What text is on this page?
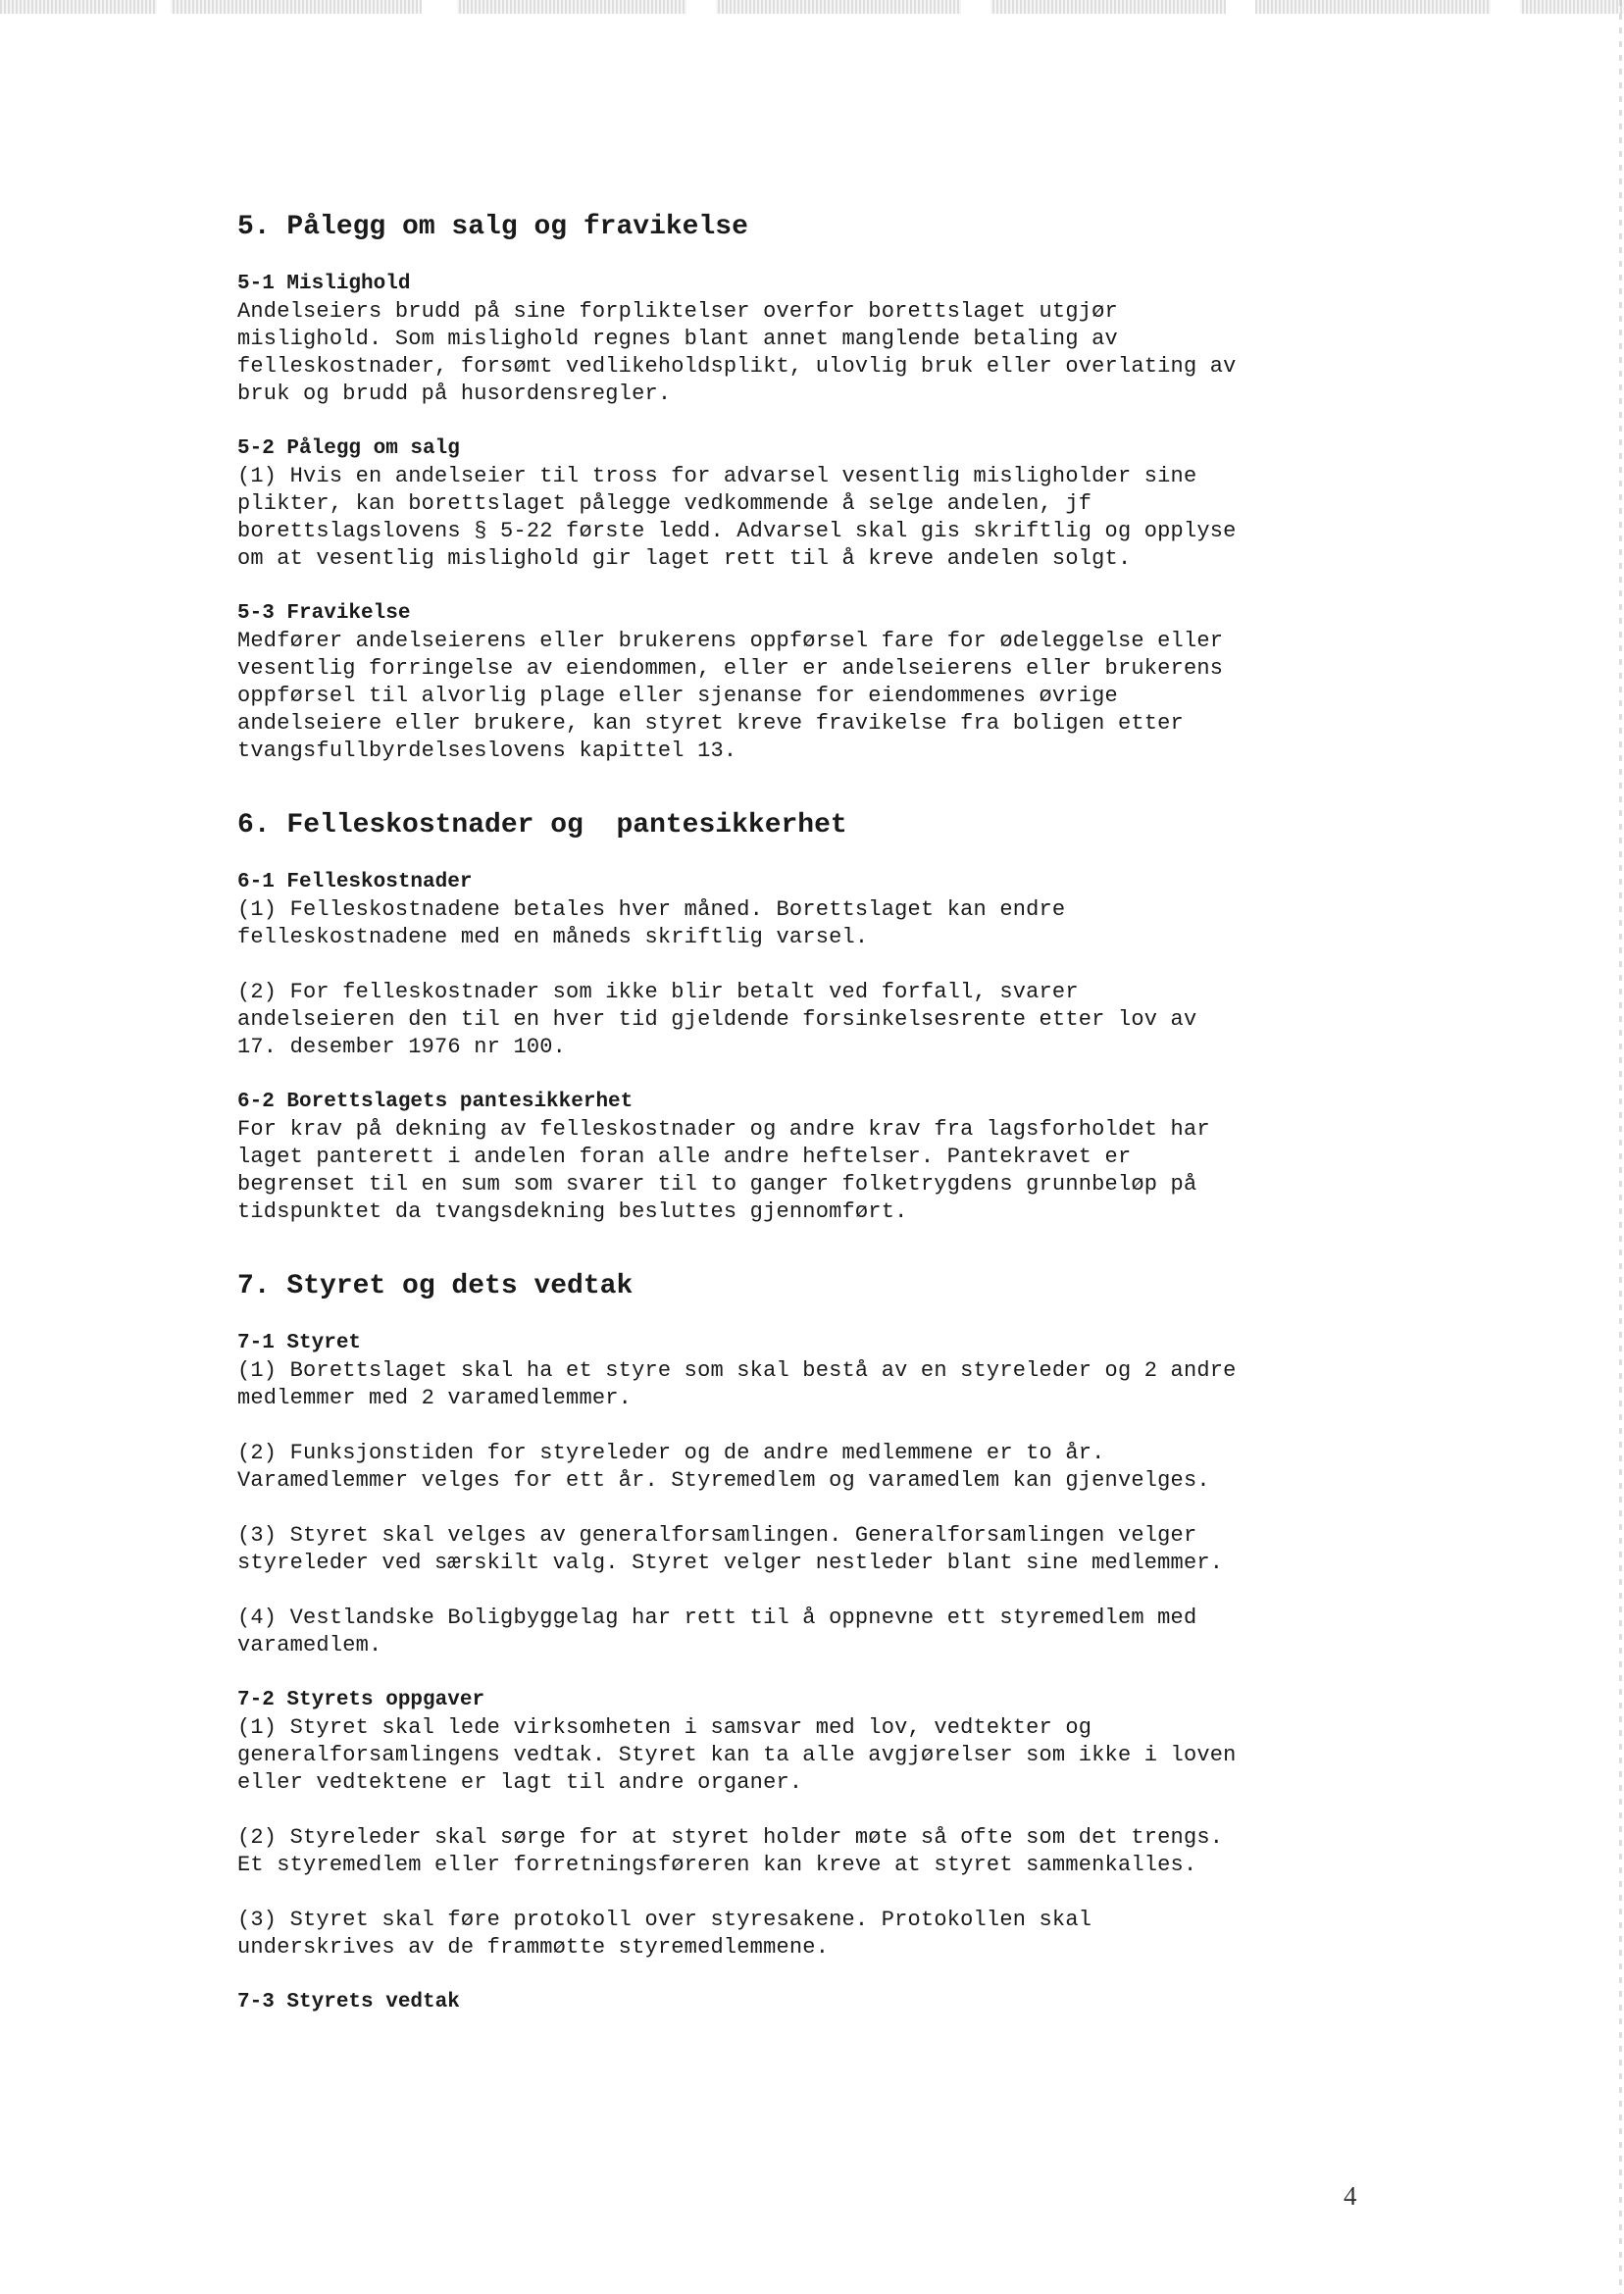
5. Pålegg om salg og fravikelse
5-1 Mislighold
Andelseiers brudd på sine forpliktelser overfor borettslaget utgjør
mislighold. Som mislighold regnes blant annet manglende betaling av
felleskostnader, forsømt vedlikeholdsplikt, ulovlig bruk eller overlating av
bruk og brudd på husordensregler.
5-2 Pålegg om salg
(1) Hvis en andelseier til tross for advarsel vesentlig misligholder sine
plikter, kan borettslaget pålegge vedkommende å selge andelen, jf
borettslagslovens § 5-22 første ledd. Advarsel skal gis skriftlig og opplyse
om at vesentlig mislighold gir laget rett til å kreve andelen solgt.
5-3 Fravikelse
Medfører andelseierens eller brukerens oppførsel fare for ødeleggelse eller
vesentlig forringelse av eiendommen, eller er andelseierens eller brukerens
oppførsel til alvorlig plage eller sjenanse for eiendommenes øvrige
andelseiere eller brukere, kan styret kreve fravikelse fra boligen etter
tvangsfullbyrdelseslovens kapittel 13.
6. Felleskostnader og  pantesikkerhet
6-1 Felleskostnader
(1) Felleskostnadene betales hver måned. Borettslaget kan endre
felleskostnadene med en måneds skriftlig varsel.
(2) For felleskostnader som ikke blir betalt ved forfall, svarer
andelseieren den til en hver tid gjeldende forsinkelsesrente etter lov av
17. desember 1976 nr 100.
6-2 Borettslagets pantesikkerhet
For krav på dekning av felleskostnader og andre krav fra lagsforholdet har
laget panterett i andelen foran alle andre heftelser. Pantekravet er
begrenset til en sum som svarer til to ganger folketrygdens grunnbeløp på
tidspunktet da tvangsdekning besluttes gjennomført.
7. Styret og dets vedtak
7-1 Styret
(1) Borettslaget skal ha et styre som skal bestå av en styreleder og 2 andre
medlemmer med 2 varamedlemmer.
(2) Funksjonstiden for styreleder og de andre medlemmene er to år.
Varamedlemmer velges for ett år. Styremedlem og varamedlem kan gjenvelges.
(3) Styret skal velges av generalforsamlingen. Generalforsamlingen velger
styreleder ved særskilt valg. Styret velger nestleder blant sine medlemmer.
(4) Vestlandske Boligbyggelag har rett til å oppnevne ett styremedlem med
varamedlem.
7-2 Styrets oppgaver
(1) Styret skal lede virksomheten i samsvar med lov, vedtekter og
generalforsamlingens vedtak. Styret kan ta alle avgjørelser som ikke i loven
eller vedtektene er lagt til andre organer.
(2) Styreleder skal sørge for at styret holder møte så ofte som det trengs.
Et styremedlem eller forretningsføreren kan kreve at styret sammenkalles.
(3) Styret skal føre protokoll over styresakene. Protokollen skal
underskrives av de frammøtte styremedlemmene.
7-3 Styrets vedtak
4
